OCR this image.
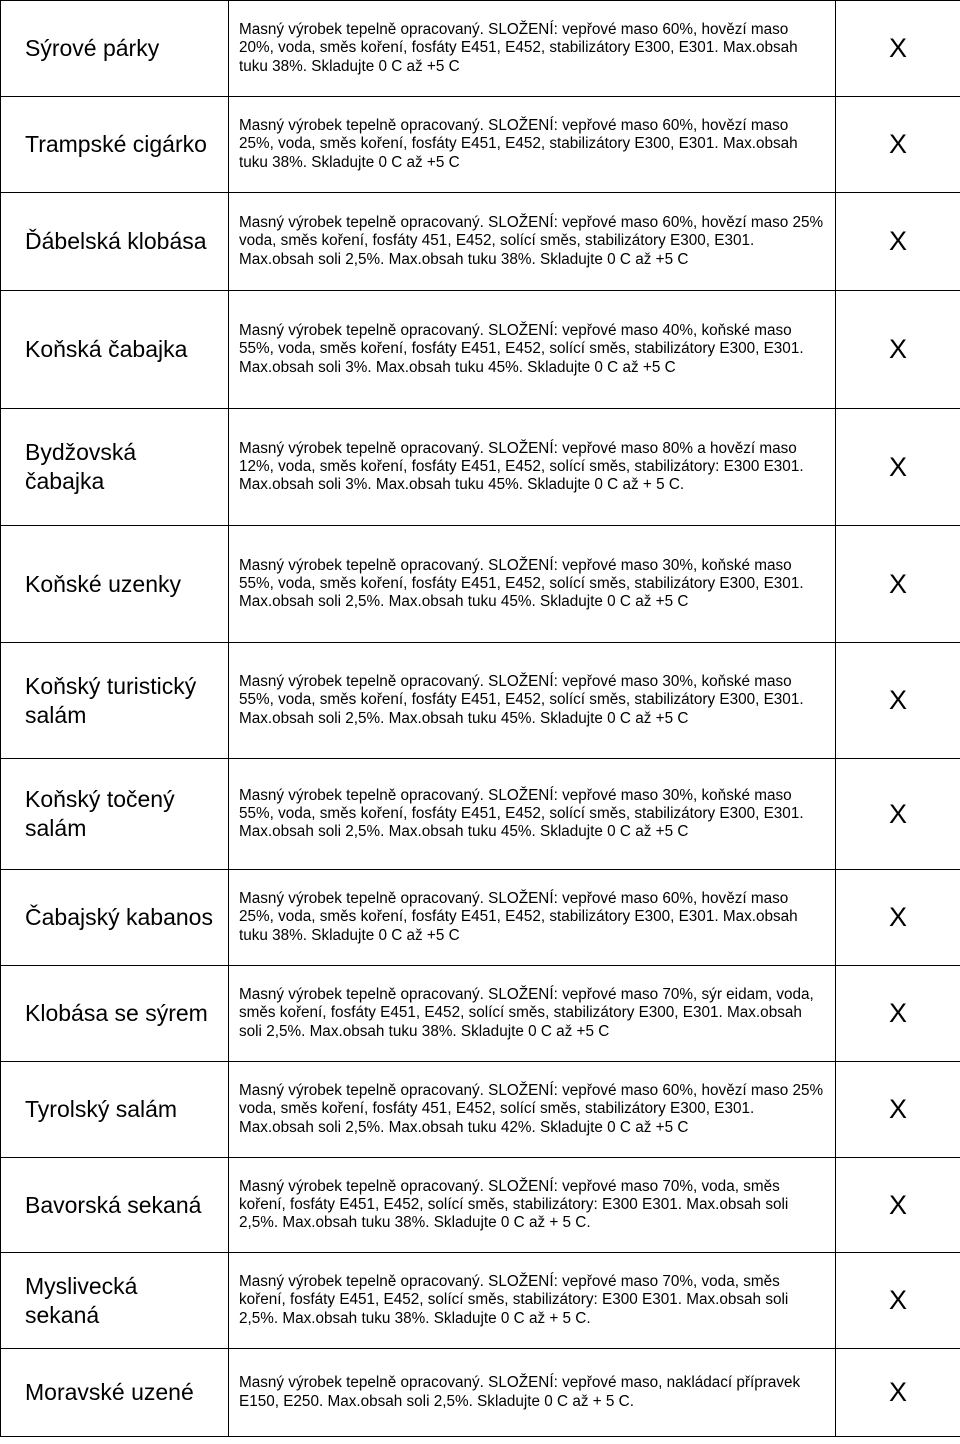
Sýrové párky	Masný výrobek tepelně opracovaný. SLOŽENÍ: vepřové maso 60%, hovězí maso 20%, voda, směs koření, fosfáty E451, E452, stabilizátory E300, E301. Max.obsah tuku 38%. Skladujte 0 C až +5 C	X
Trampské cigárko	Masný výrobek tepelně opracovaný. SLOŽENÍ: vepřové maso 60%, hovězí maso 25%, voda, směs koření, fosfáty E451, E452, stabilizátory E300, E301. Max.obsah tuku 38%. Skladujte 0 C až +5 C	X
Ďábelská klobása	Masný výrobek tepelně opracovaný. SLOŽENÍ: vepřové maso 60%, hovězí maso 25% voda, směs koření, fosfáty 451, E452, solící směs, stabilizátory E300, E301. Max.obsah soli 2,5%. Max.obsah tuku 38%. Skladujte 0 C až +5 C	X
Koňská čabajka	Masný výrobek tepelně opracovaný. SLOŽENÍ: vepřové maso 40%, koňské maso 55%, voda, směs koření, fosfáty E451, E452, solící směs, stabilizátory E300, E301. Max.obsah soli 3%. Max.obsah tuku 45%. Skladujte 0 C až +5 C	X
Bydžovská čabajka	Masný výrobek tepelně opracovaný. SLOŽENÍ: vepřové maso 80% a hovězí maso 12%, voda, směs koření, fosfáty E451, E452, solící směs, stabilizátory: E300 E301. Max.obsah soli 3%. Max.obsah tuku 45%. Skladujte 0 C až + 5 C.	X
Koňské uzenky	Masný výrobek tepelně opracovaný. SLOŽENÍ: vepřové maso 30%, koňské maso 55%, voda, směs koření, fosfáty E451, E452, solící směs, stabilizátory E300, E301. Max.obsah soli 2,5%. Max.obsah tuku 45%. Skladujte 0 C až +5 C	X
Koňský turistický salám	Masný výrobek tepelně opracovaný. SLOŽENÍ: vepřové maso 30%, koňské maso 55%, voda, směs koření, fosfáty E451, E452, solící směs, stabilizátory E300, E301. Max.obsah soli 2,5%. Max.obsah tuku 45%. Skladujte 0 C až +5 C	X
Koňský točený salám	Masný výrobek tepelně opracovaný. SLOŽENÍ: vepřové maso 30%, koňské maso 55%, voda, směs koření, fosfáty E451, E452, solící směs, stabilizátory E300, E301. Max.obsah soli 2,5%. Max.obsah tuku 45%. Skladujte 0 C až +5 C	X
Čabajský kabanos	Masný výrobek tepelně opracovaný. SLOŽENÍ: vepřové maso 60%, hovězí maso 25%, voda, směs koření, fosfáty E451, E452, stabilizátory E300, E301. Max.obsah tuku 38%. Skladujte 0 C až +5 C	X
Klobása se sýrem	Masný výrobek tepelně opracovaný. SLOŽENÍ: vepřové maso 70%, sýr eidam, voda, směs koření, fosfáty E451, E452, solící směs, stabilizátory E300, E301. Max.obsah soli 2,5%. Max.obsah tuku 38%. Skladujte 0 C až +5 C	X
Tyrolský salám	Masný výrobek tepelně opracovaný. SLOŽENÍ: vepřové maso 60%, hovězí maso 25% voda, směs koření, fosfáty 451, E452, solící směs, stabilizátory E300, E301. Max.obsah soli 2,5%. Max.obsah tuku 42%. Skladujte 0 C až +5 C	X
Bavorská sekaná	Masný výrobek tepelně opracovaný. SLOŽENÍ: vepřové maso 70%, voda, směs koření, fosfáty E451, E452, solící směs, stabilizátory: E300 E301. Max.obsah soli 2,5%. Max.obsah tuku 38%. Skladujte 0 C až + 5 C.	X
Myslivecká sekaná	Masný výrobek tepelně opracovaný. SLOŽENÍ: vepřové maso 70%, voda, směs koření, fosfáty E451, E452, solící směs, stabilizátory: E300 E301. Max.obsah soli 2,5%. Max.obsah tuku 38%. Skladujte 0 C až + 5 C.	X
Moravské uzené	Masný výrobek tepelně opracovaný. SLOŽENÍ: vepřové maso, nakládací přípravek E150, E250. Max.obsah soli 2,5%. Skladujte 0 C až + 5 C.	X
